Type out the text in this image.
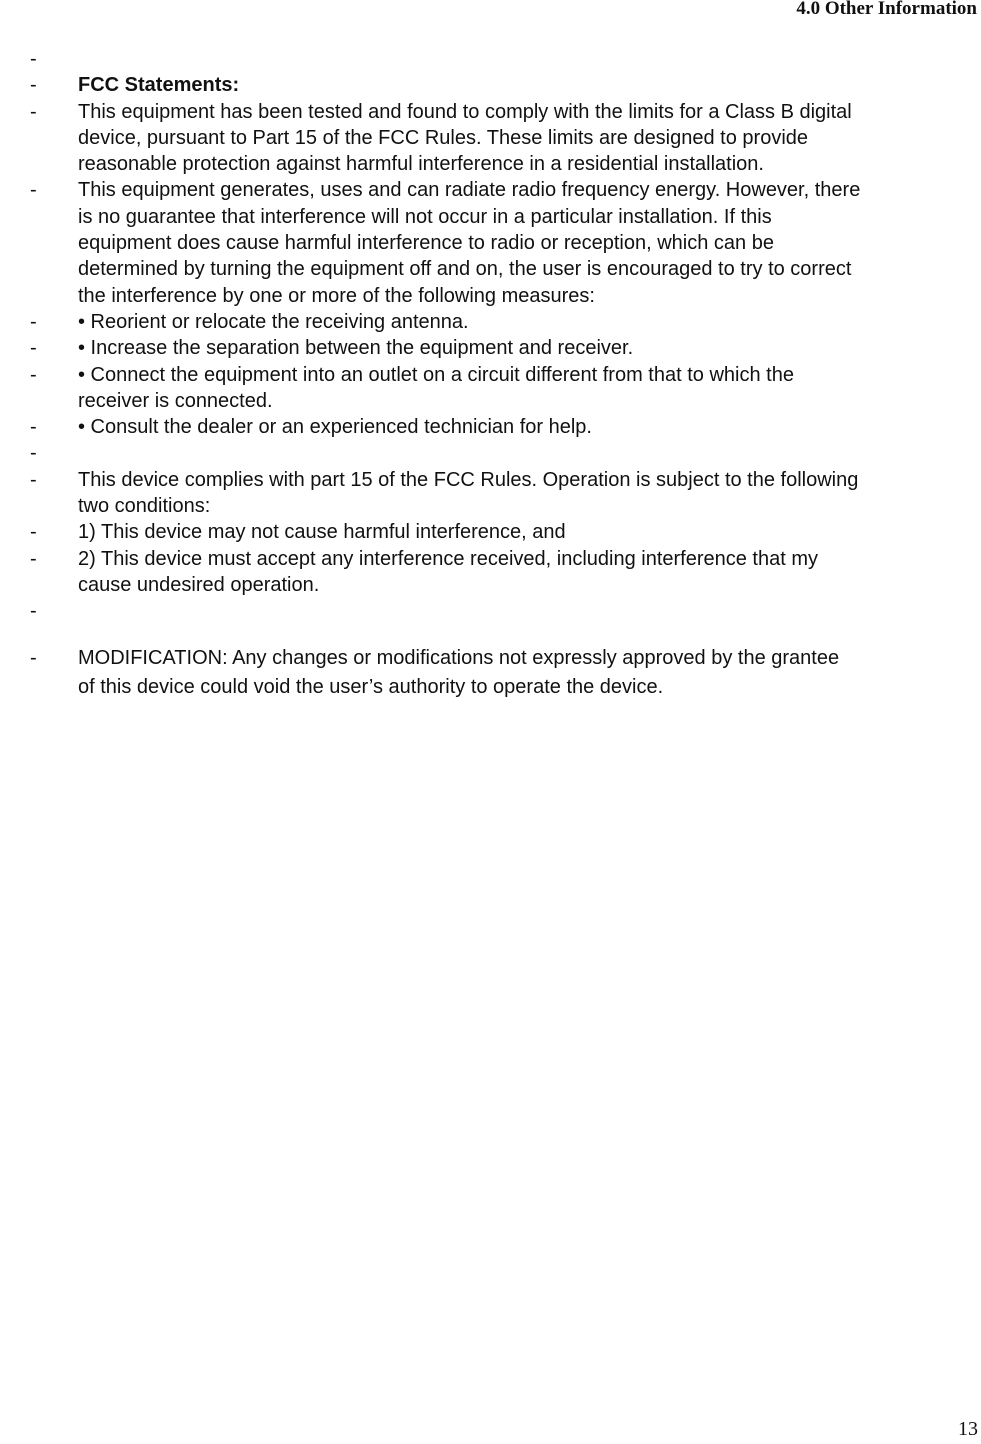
4.0 Other Information
-

- FCC Statements:
- This equipment has been tested and found to comply with the limits for a Class B digital
device, pursuant to Part 15 of the FCC Rules. These limits are designed to provide
reasonable protection against harmful interference in a residential installation.
- This equipment generates, uses and can radiate radio frequency energy. However, there
is no guarantee that interference will not occur in a particular installation. If this
equipment does cause harmful interference to radio or reception, which can be
determined by turning the equipment off and on, the user is encouraged to try to correct
the interference by one or more of the following measures:
- • Reorient or relocate the receiving antenna.
- • Increase the separation between the equipment and receiver.
- • Connect the equipment into an outlet on a circuit different from that to which the
receiver is connected.
- • Consult the dealer or an experienced technician for help.
-

- This device complies with part 15 of the FCC Rules. Operation is subject to the following
two conditions:
- 1) This device may not cause harmful interference, and
- 2) This device must accept any interference received, including interference that my
cause undesired operation.
-

- MODIFICATION: Any changes or modifications not expressly approved by the grantee
of this device could void the user’s authority to operate the device.
13
